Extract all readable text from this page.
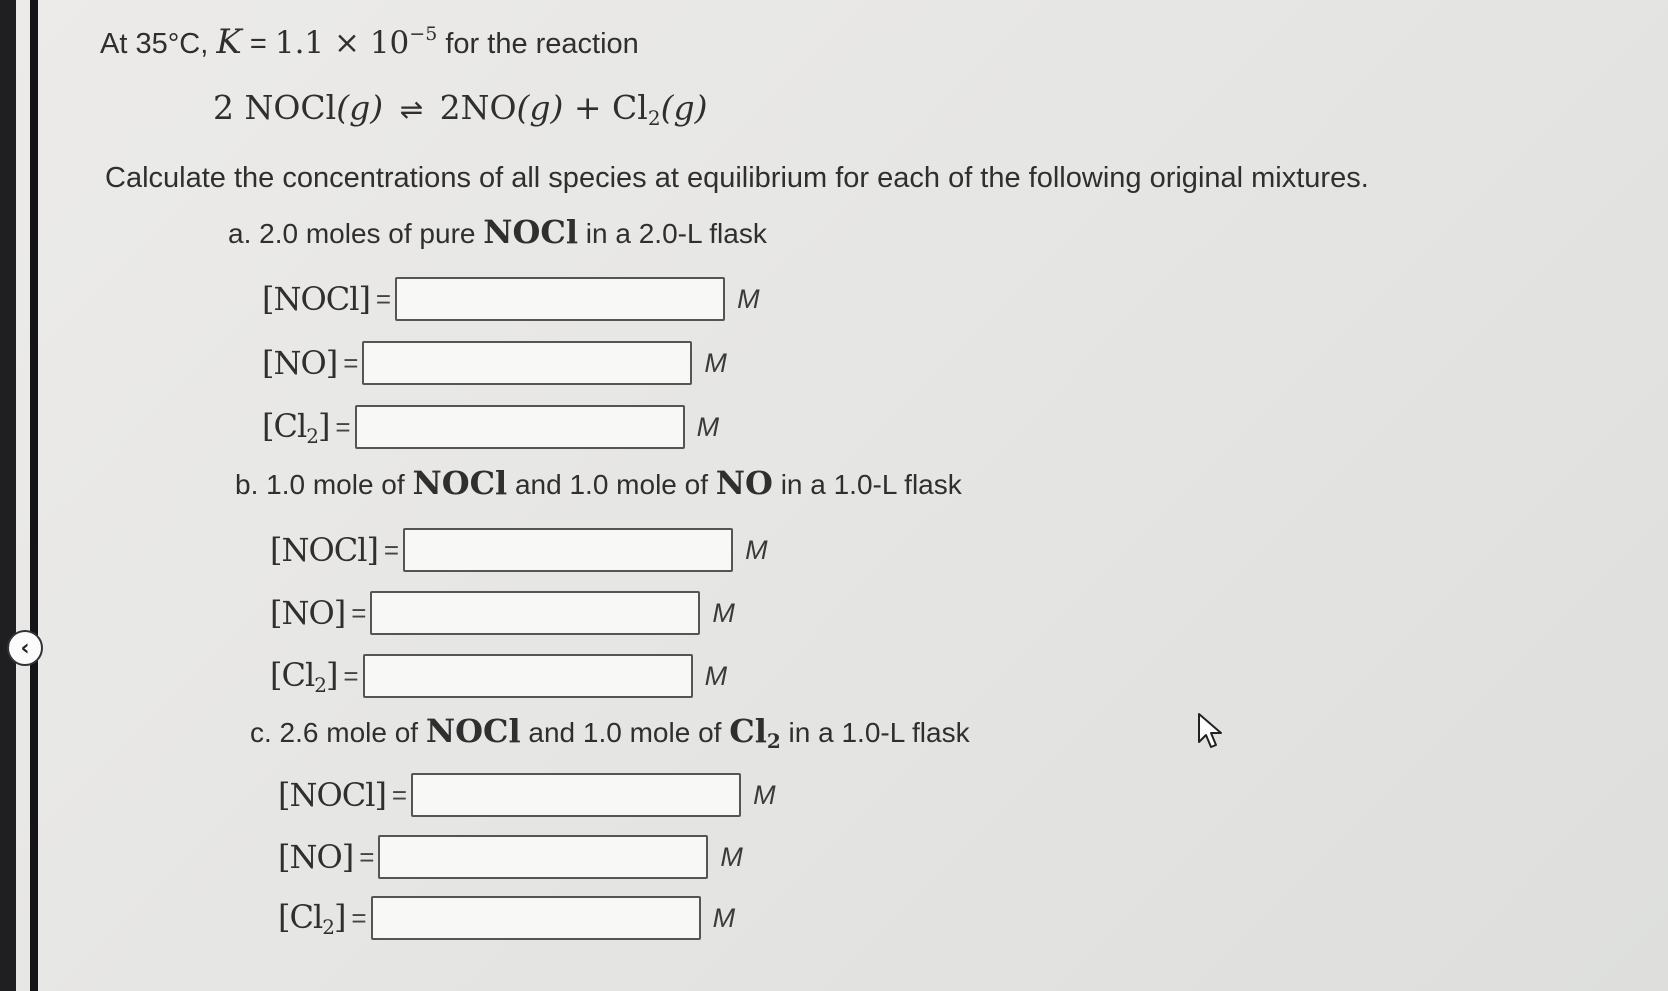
‹
At 35°C, $K = 1.1 \times 10^{-5}$ for the reaction
2 NOCl(g) ⇌ $2NO(g) + Cl_2(g)$
Calculate the concentrations of all species at equilibrium for each of the following original mixtures.
a. 2.0 moles of pure NOCl in a 2.0-L flask
[NOCl] =	M
[NO] =	M
$[Cl_2]$ =	M
b. 1.0 mole of NOCl and 1.0 mole of NO in a 1.0-L flask
[NOCl] =	M
[NO] =	M
$[Cl_2]$ =	M
c. 2.6 mole of NOCl and 1.0 mole of $Cl_2$ in a 1.0-L flask
[NOCl] =	M
[NO] =	M
$[Cl_2]$ =	M
